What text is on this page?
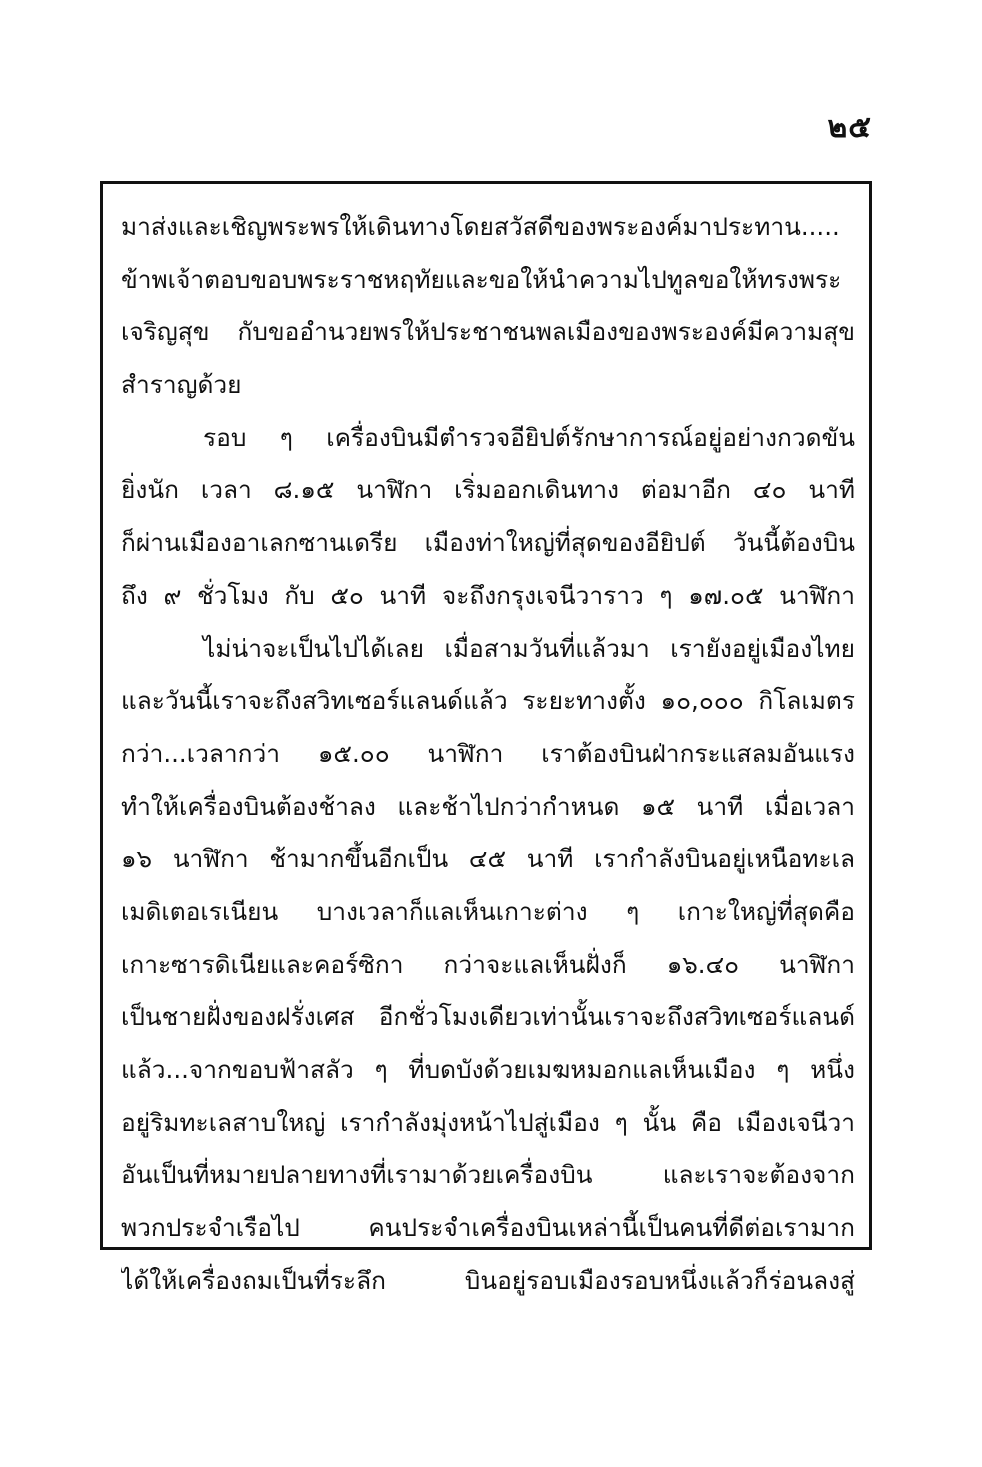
๒๕
มาส่งและเชิญพระพรให้เดินทางโดยสวัสดีของพระองค์มาประทาน.....
ข้าพเจ้าตอบขอบพระราชหฤทัยและขอให้นำความไปทูลขอให้ทรงพระ
เจริญสุข กับขออำนวยพรให้ประชาชนพลเมืองของพระองค์มีความสุข
สำราญด้วย
รอบ ๆ เครื่องบินมีตำรวจอียิปต์รักษาการณ์อยู่อย่างกวดขัน
ยิ่งนัก เวลา ๘.๑๕ นาฬิกา เริ่มออกเดินทาง ต่อมาอีก ๔๐ นาที
ก็ผ่านเมืองอาเลกซานเดรีย เมืองท่าใหญ่ที่สุดของอียิปต์ วันนี้ต้องบิน
ถึง ๙ ชั่วโมง กับ ๕๐ นาที จะถึงกรุงเจนีวาราว ๆ ๑๗.๐๕ นาฬิกา
ไม่น่าจะเป็นไปได้เลย เมื่อสามวันที่แล้วมา เรายังอยู่เมืองไทย
และวันนี้เราจะถึงสวิทเซอร์แลนด์แล้ว ระยะทางตั้ง ๑๐,๐๐๐ กิโลเมตร
กว่า...เวลากว่า ๑๕.๐๐ นาฬิกา เราต้องบินฝ่ากระแสลมอันแรง
ทำให้เครื่องบินต้องช้าลง และช้าไปกว่ากำหนด ๑๕ นาที เมื่อเวลา
๑๖ นาฬิกา ช้ามากขึ้นอีกเป็น ๔๕ นาที เรากำลังบินอยู่เหนือทะเล
เมดิเตอเรเนียน บางเวลาก็แลเห็นเกาะต่าง ๆ เกาะใหญ่ที่สุดคือ
เกาะซารดิเนียและคอร์ซิกา กว่าจะแลเห็นฝั่งก็ ๑๖.๔๐ นาฬิกา
เป็นชายฝั่งของฝรั่งเศส อีกชั่วโมงเดียวเท่านั้นเราจะถึงสวิทเซอร์แลนด์
แล้ว...จากขอบฟ้าสลัว ๆ ที่บดบังด้วยเมฆหมอกแลเห็นเมือง ๆ หนึ่ง
อยู่ริมทะเลสาบใหญ่ เรากำลังมุ่งหน้าไปสู่เมือง ๆ นั้น คือ เมืองเจนีวา
อันเป็นที่หมายปลายทางที่เรามาด้วยเครื่องบิน และเราจะต้องจาก
พวกประจำเรือไป คนประจำเครื่องบินเหล่านี้เป็นคนที่ดีต่อเรามาก
ได้ให้เครื่องถมเป็นที่ระลึก บินอยู่รอบเมืองรอบหนึ่งแล้วก็ร่อนลงสู่
